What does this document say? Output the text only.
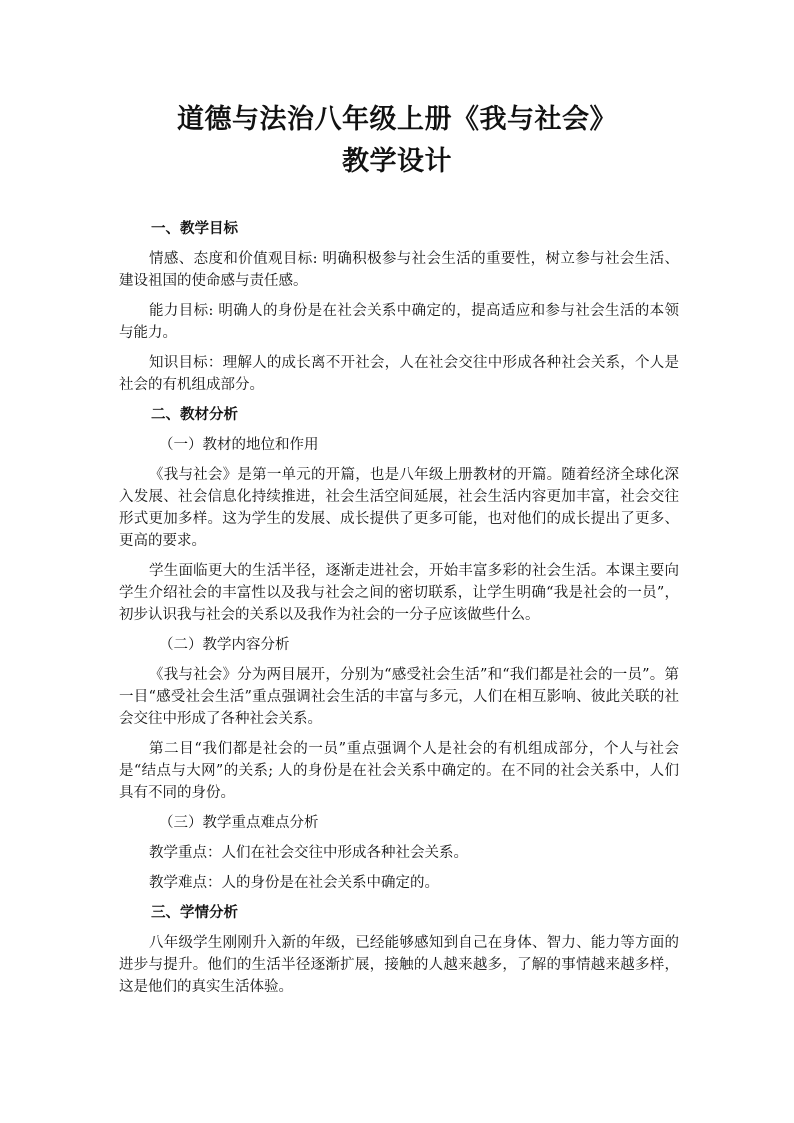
道德与法治八年级上册《我与社会》
教学设计

一、教学目标

情感、态度和价值观目标: 明确积极参与社会生活的重要性，树立参与社会生活、建设祖国的使命感与责任感。

能力目标: 明确人的身份是在社会关系中确定的，提高适应和参与社会生活的本领与能力。

知识目标：理解人的成长离不开社会，人在社会交往中形成各种社会关系，个人是社会的有机组成部分。

二、教材分析

（一）教材的地位和作用

《我与社会》是第一单元的开篇，也是八年级上册教材的开篇。随着经济全球化深入发展、社会信息化持续推进，社会生活空间延展，社会生活内容更加丰富，社会交往形式更加多样。这为学生的发展、成长提供了更多可能，也对他们的成长提出了更多、更高的要求。

学生面临更大的生活半径，逐渐走进社会，开始丰富多彩的社会生活。本课主要向学生介绍社会的丰富性以及我与社会之间的密切联系，让学生明确“我是社会的一员”，初步认识我与社会的关系以及我作为社会的一分子应该做些什么。

（二）教学内容分析

《我与社会》分为两目展开，分别为“感受社会生活”和“我们都是社会的一员”。第一目“感受社会生活”重点强调社会生活的丰富与多元，人们在相互影响、彼此关联的社会交往中形成了各种社会关系。

第二目“我们都是社会的一员”重点强调个人是社会的有机组成部分，个人与社会是“结点与大网”的关系; 人的身份是在社会关系中确定的。在不同的社会关系中，人们具有不同的身份。

（三）教学重点难点分析

教学重点：人们在社会交往中形成各种社会关系。

教学难点：人的身份是在社会关系中确定的。

三、学情分析

八年级学生刚刚升入新的年级，已经能够感知到自己在身体、智力、能力等方面的进步与提升。他们的生活半径逐渐扩展，接触的人越来越多，了解的事情越来越多样，这是他们的真实生活体验。
